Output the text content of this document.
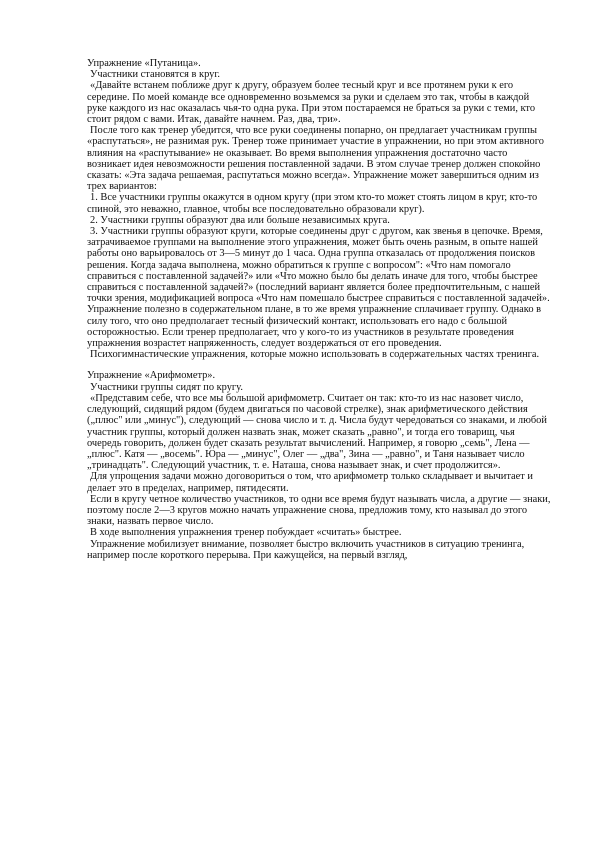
Упражнение «Путаница».

Участники становятся в круг.

«Давайте встанем поближе друг к другу, образуем более тесный круг и все протянем руки к его середине. По моей команде все одновременно возьмемся за руки и сделаем это так, чтобы в каждой руке каждого из нас оказалась чья-то одна рука. При этом постараемся не браться за руки с теми, кто стоит рядом с вами. Итак, давайте начнем. Раз, два, три».

После того как тренер убедится, что все руки соединены попарно, он предлагает участникам группы «распутаться», не разнимая рук. Тренер тоже принимает участие в упражнении, но при этом активного влияния на «распутывание» не оказывает. Во время выполнения упражнения достаточно часто возникает идея невозможности решения поставленной задачи. В этом случае тренер должен спокойно сказать: «Эта задача решаемая, распутаться можно всегда». Упражнение может завершиться одним из трех вариантов:

1. Все участники группы окажутся в одном кругу (при этом кто-то может стоять лицом в круг, кто-то спиной, это неважно, главное, чтобы все последовательно образовали круг).

2. Участники группы образуют два или больше независимых круга.

3. Участники группы образуют круги, которые соединены друг с другом, как звенья в цепочке. Время, затрачиваемое группами на выполнение этого упражнения, может быть очень разным, в опыте нашей работы оно варьировалось от 3—5 минут до 1 часа. Одна группа отказалась от продолжения поисков решения. Когда задача выполнена, можно обратиться к группе с вопросом": «Что нам помогало справиться с поставленной задачей?» или «Что можно было бы делать иначе для того, чтобы быстрее справиться с поставленной задачей?» (последний вариант является более предпочтительным, с нашей точки зрения, модификацией вопроса «Что нам помешало быстрее справиться с поставленной задачей». Упражнение полезно в содержательном плане, в то же время упражнение сплачивает группу. Однако в силу того, что оно предполагает тесный физический контакт, использовать его надо с большой осторожностью. Если тренер предполагает, что у кого-то из участников в результате проведения упражнения возрастет напряженность, следует воздержаться от его проведения.

Психогимнастические упражнения, которые можно использовать в содержательных частях тренинга.

Упражнение «Арифмометр».

Участники группы сидят по кругу.

«Представим себе, что все мы большой арифмометр. Считает он так: кто-то из нас назовет число, следующий, сидящий рядом (будем двигаться по часовой стрелке), знак арифметического действия („плюс" или „минус"), следующий — снова число и т. д. Числа будут чередоваться со знаками, и любой участник группы, который должен назвать знак, может сказать „равно", и тогда его товарищ, чья очередь говорить, должен будет сказать результат вычислений. Например, я говорю „семь", Лена — „плюс". Катя — „восемь". Юра — „минус", Олег — „два", Зина — „равно", и Таня называет число „тринадцать". Следующий участник, т. е. Наташа, снова называет знак, и счет продолжится».

Для упрощения задачи можно договориться о том, что арифмометр только складывает и вычитает и делает это в пределах, например, пятидесяти.

Если в кругу четное количество участников, то одни все время будут называть числа, а другие — знаки, поэтому после 2—3 кругов можно начать упражнение снова, предложив тому, кто называл до этого знаки, назвать первое число.

В ходе выполнения упражнения тренер побуждает «считать» быстрее.

Упражнение мобилизует внимание, позволяет быстро включить участников в ситуацию тренинга, например после короткого перерыва. При кажущейся, на первый взгляд,
